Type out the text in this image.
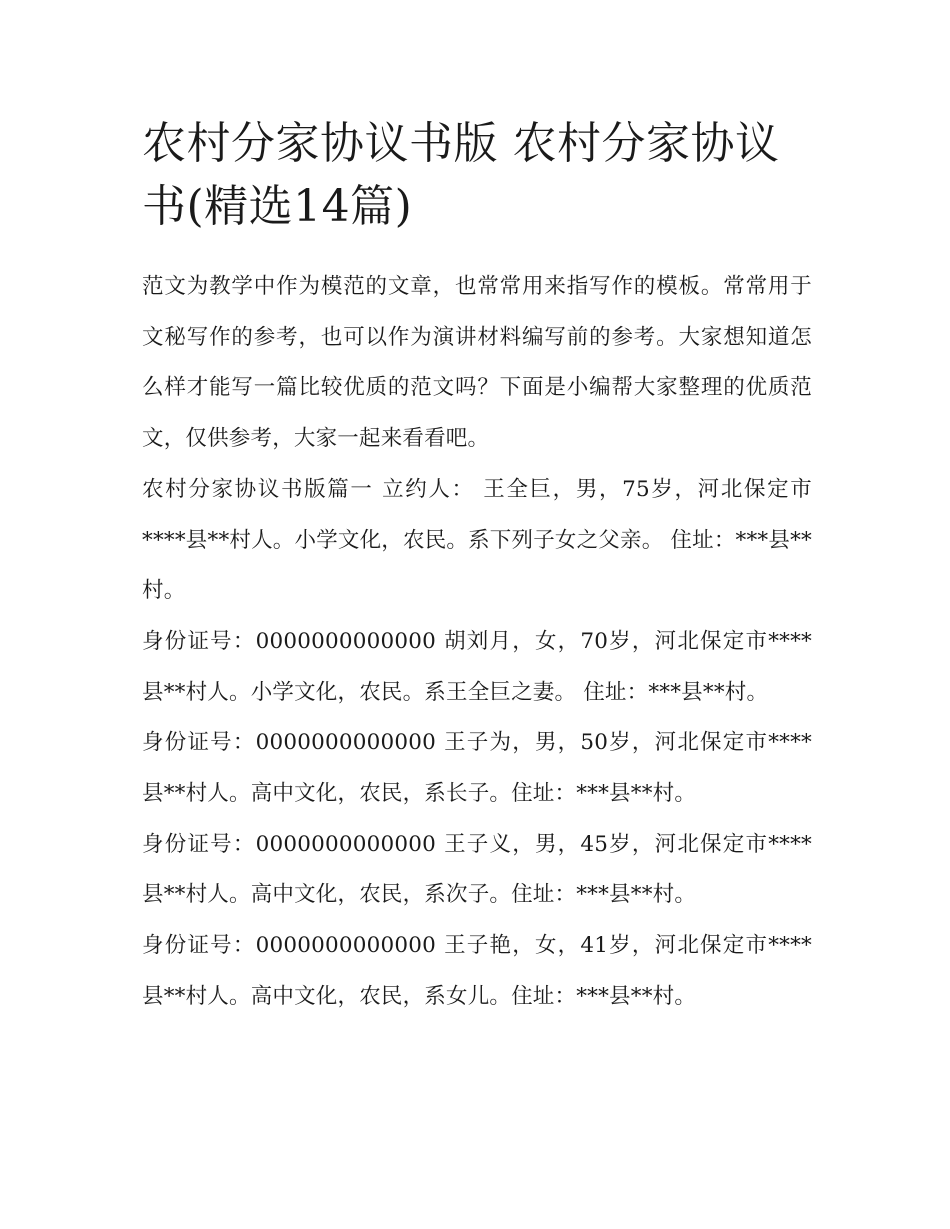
农村分家协议书版 农村分家协议书(精选14篇)

范文为教学中作为模范的文章，也常常用来指写作的模板。常常用于文秘写作的参考，也可以作为演讲材料编写前的参考。大家想知道怎么样才能写一篇比较优质的范文吗？下面是小编帮大家整理的优质范文，仅供参考，大家一起来看看吧。

农村分家协议书版篇一 立约人： 王全巨，男，75岁，河北保定市****县**村人。小学文化，农民。系下列子女之父亲。 住址：***县**村。

身份证号：0000000000000 胡刘月，女，70岁，河北保定市****县**村人。小学文化，农民。系王全巨之妻。 住址：***县**村。

身份证号：0000000000000 王子为，男，50岁，河北保定市****县**村人。高中文化，农民，系长子。住址：***县**村。

身份证号：0000000000000 王子义，男，45岁，河北保定市****县**村人。高中文化，农民，系次子。住址：***县**村。

身份证号：0000000000000 王子艳，女，41岁，河北保定市****县**村人。高中文化，农民，系女儿。住址：***县**村。
